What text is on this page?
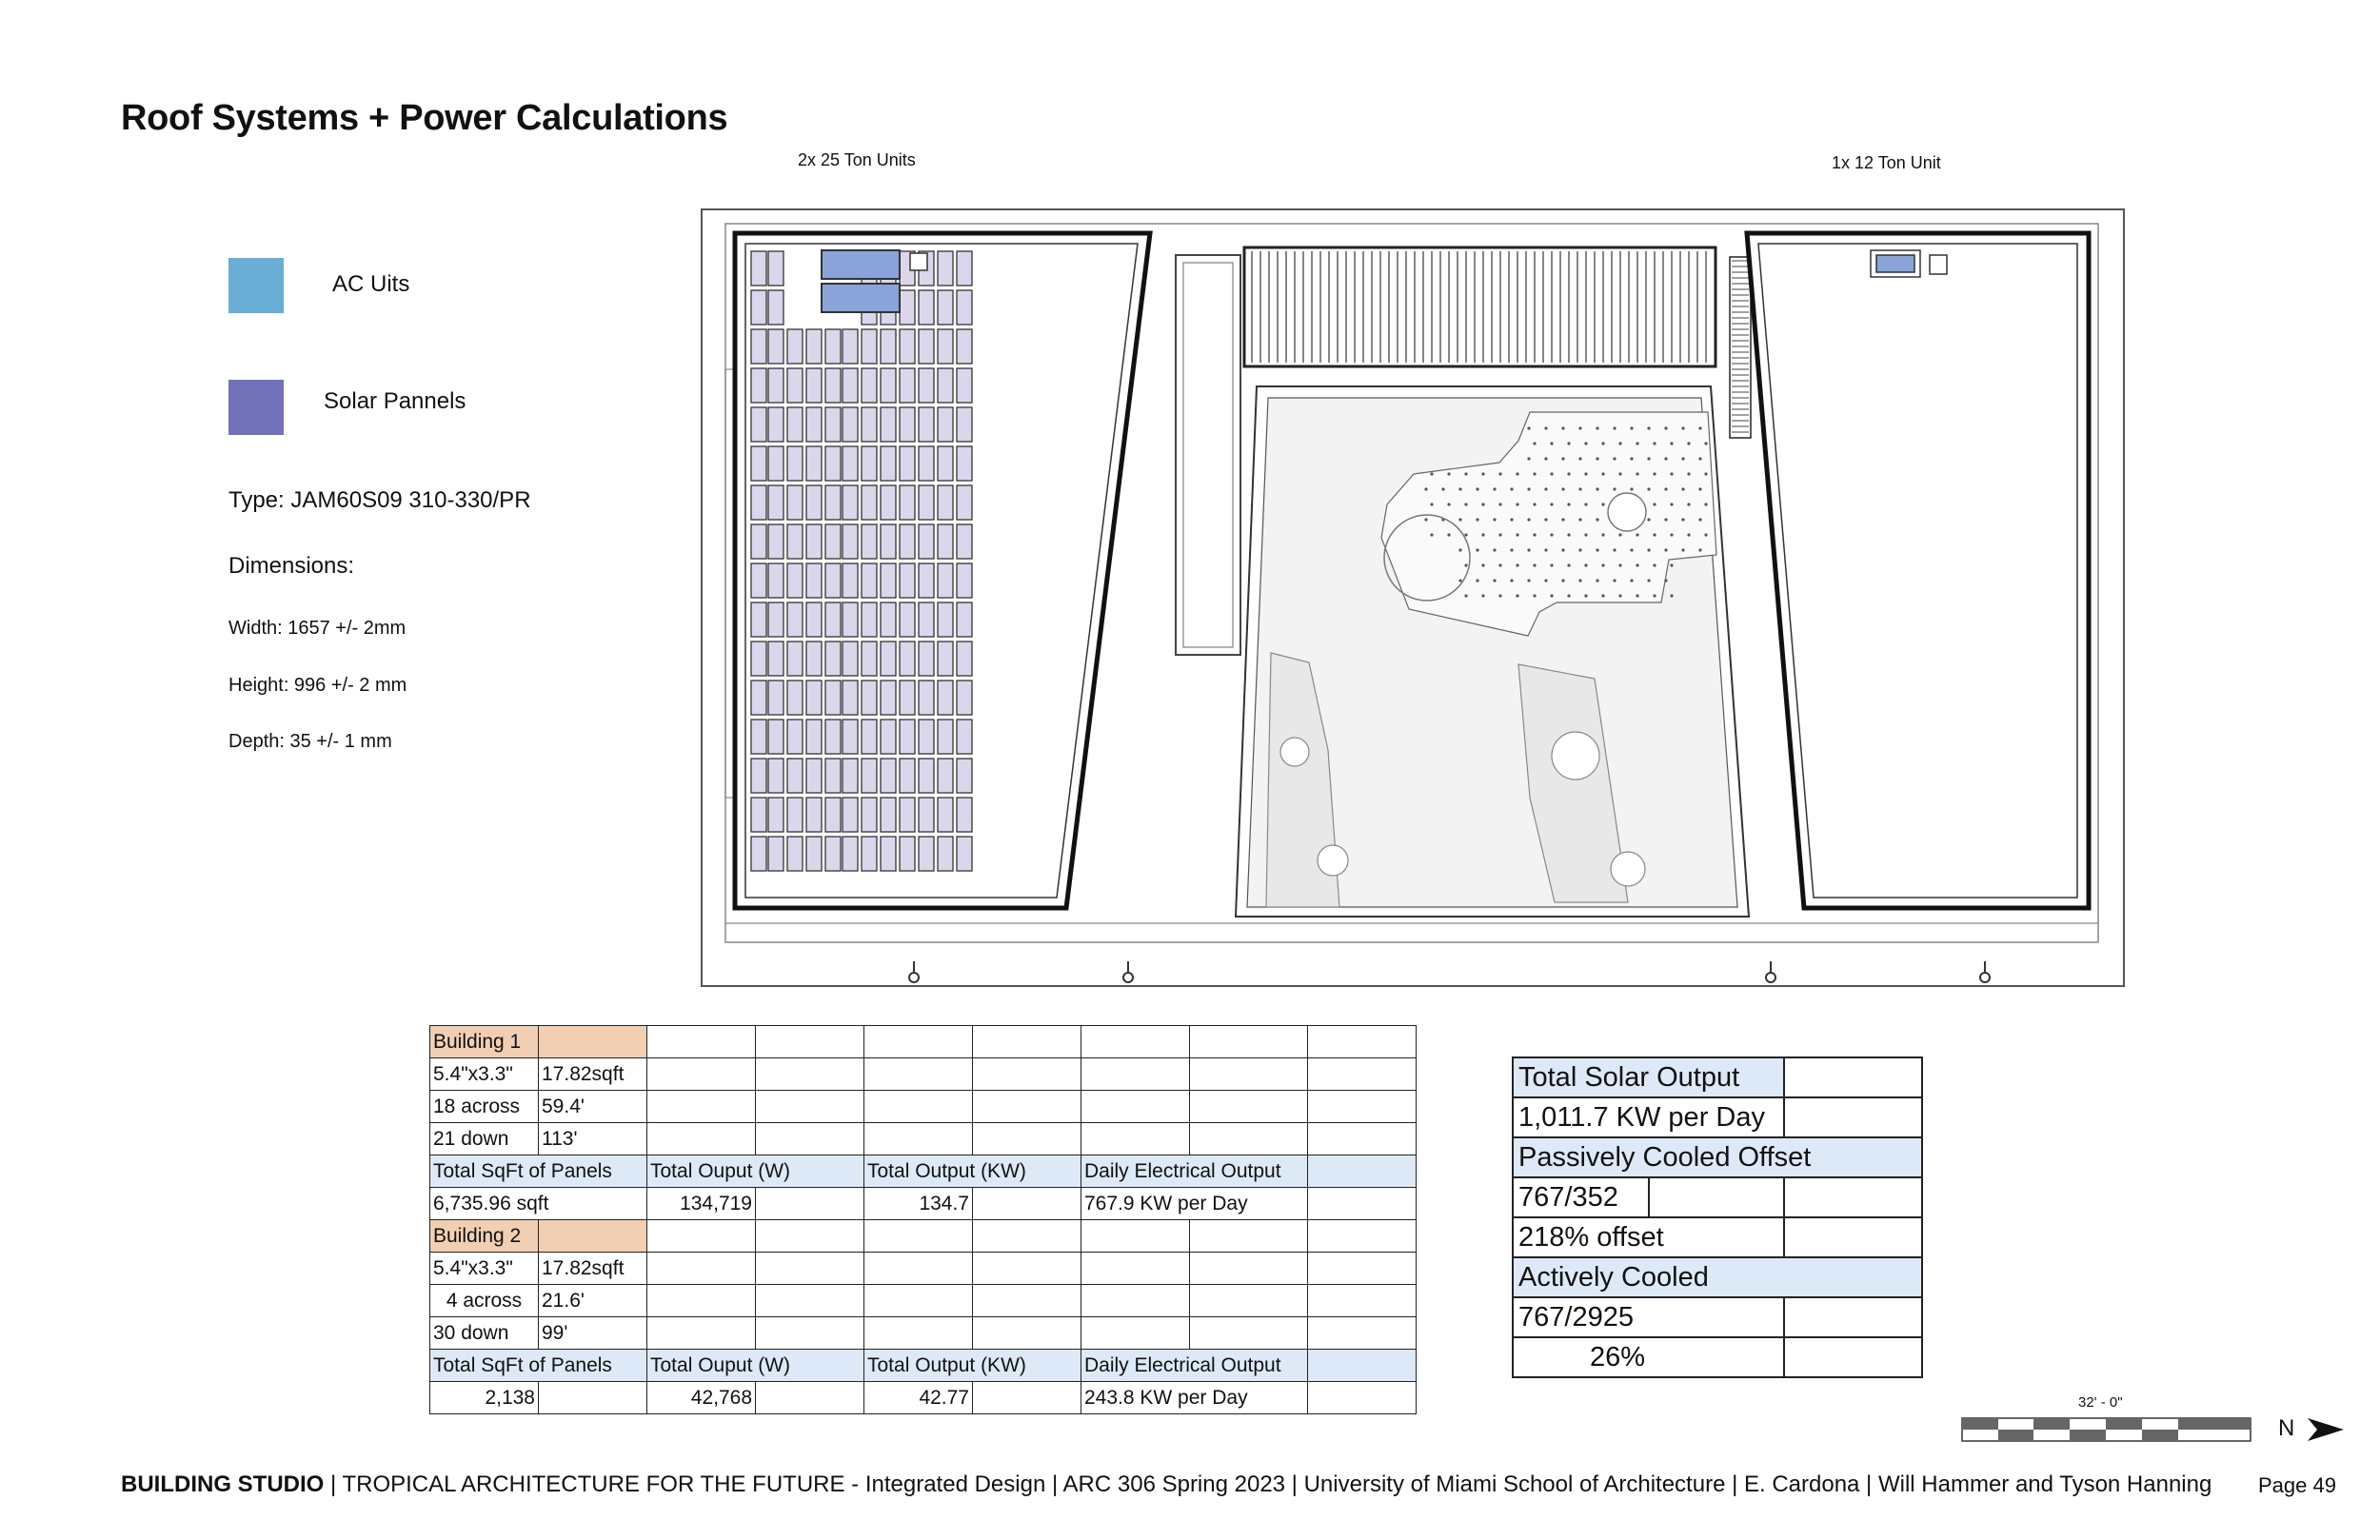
Roof Systems + Power Calculations
2x 25 Ton Units	1x 12 Ton Unit
AC Uits
Solar Pannels
Type: JAM60S09 310-330/PR
Dimensions:
Width: 1657 +/- 2mm
Height: 996 +/- 2 mm
Depth: 35 +/- 1 mm
Building 1								
5.4"x3.3"	17.82sqft							
18 across	59.4'							
21 down	113'							
Total SqFt of Panels		Total Ouput (W)		Total Output (KW)		Daily Electrical Output		
6,735.96 sqft		134,719		134.7		767.9 KW per Day		
Building 2								
5.4"x3.3"	17.82sqft							
4 across	21.6'							
30 down	99'							
Total SqFt of Panels		Total Ouput (W)		Total Output (KW)		Daily Electrical Output		
2,138		42,768		42.77		243.8 KW per Day		
Total Solar Output		
1,011.7 KW per Day		
Passively Cooled Offset		
767/352		
218% offset		
Actively Cooled		
767/2925		
26%		
32' - 0"
N
BUILDING STUDIO | TROPICAL ARCHITECTURE FOR THE FUTURE - Integrated Design | ARC 306 Spring 2023 | University of Miami School of Architecture | E. Cardona | Will Hammer and Tyson Hanning Page 49
